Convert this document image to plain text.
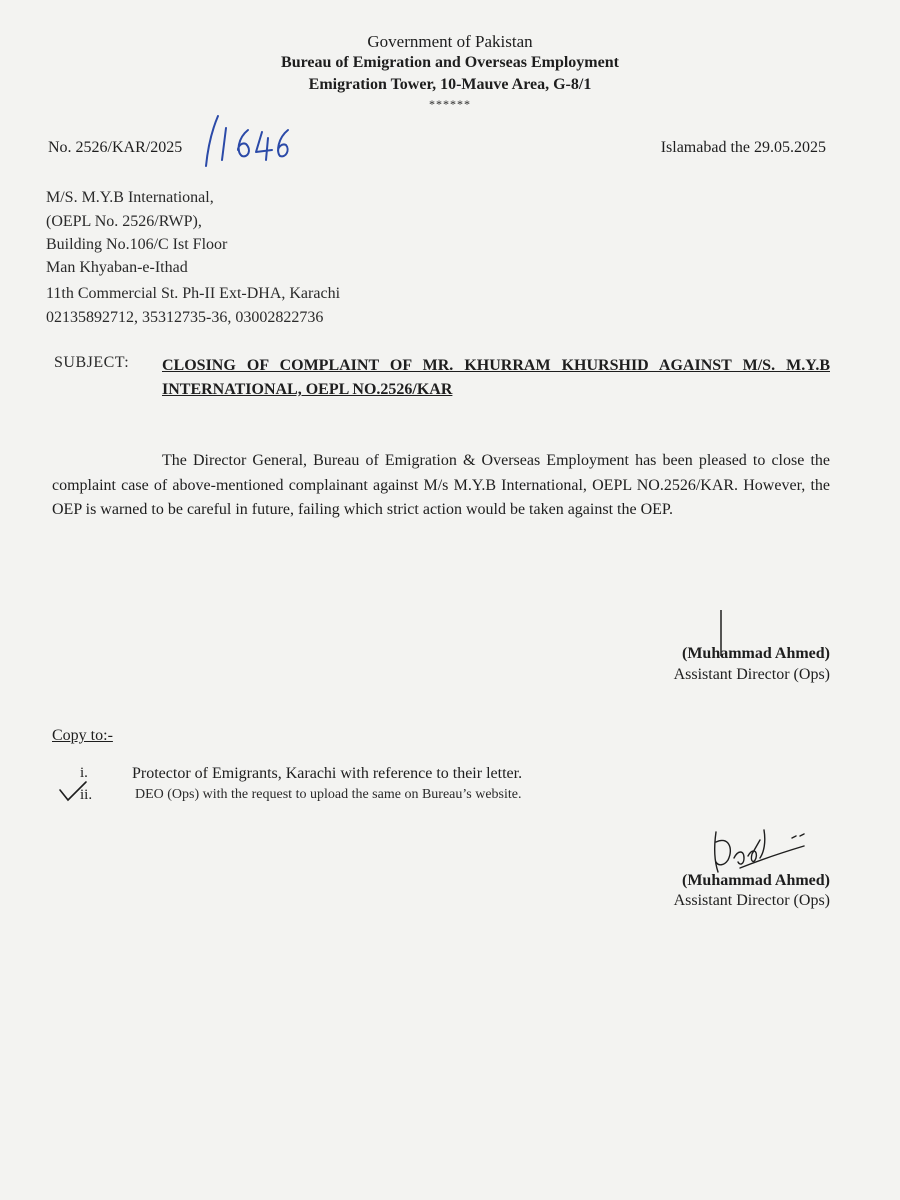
Government of Pakistan
Bureau of Emigration and Overseas Employment
Emigration Tower, 10-Mauve Area, G-8/1
******
No. 2526/KAR/2025	Islamabad the 29.05.2025
M/S. M.Y.B International,
(OEPL No. 2526/RWP),
Building No.106/C Ist Floor
Man Khyaban-e-Ithad
11th Commercial St. Ph-II Ext-DHA, Karachi
02135892712, 35312735-36, 03002822736
SUBJECT: CLOSING OF COMPLAINT OF MR. KHURRAM KHURSHID AGAINST M/S. M.Y.B INTERNATIONAL, OEPL NO.2526/KAR
The Director General, Bureau of Emigration & Overseas Employment has been pleased to close the complaint case of above-mentioned complainant against M/s M.Y.B International, OEPL NO.2526/KAR. However, the OEP is warned to be careful in future, failing which strict action would be taken against the OEP.
(Muhammad Ahmed)
Assistant Director (Ops)
Copy to:-
i.	Protector of Emigrants, Karachi with reference to their letter.
ii.	DEO (Ops) with the request to upload the same on Bureau’s website.
(Muhammad Ahmed)
Assistant Director (Ops)
